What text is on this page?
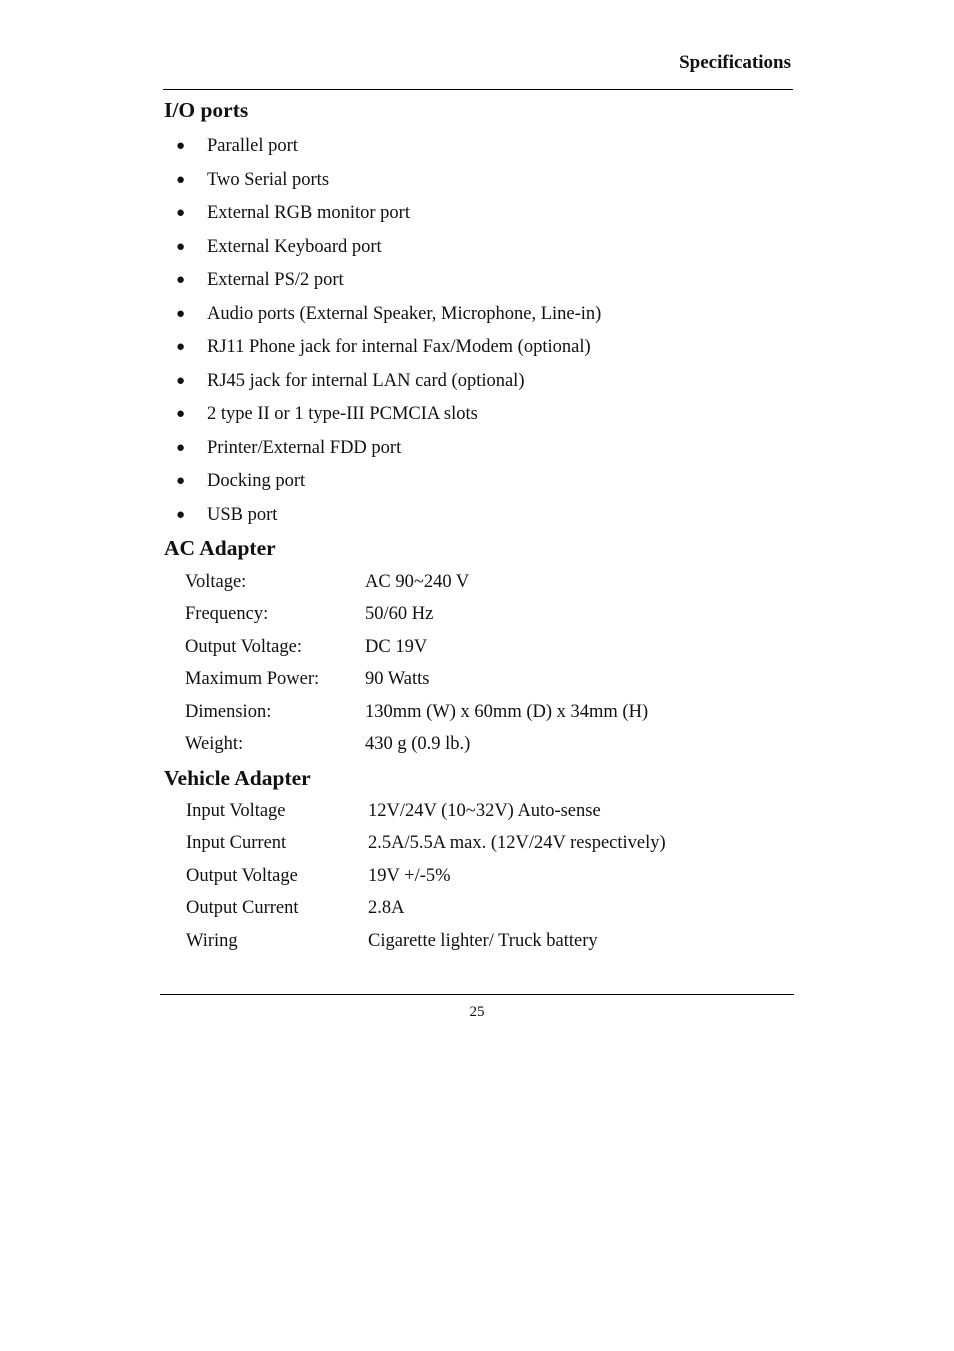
Specifications
I/O ports
● Parallel port
● Two Serial ports
● External RGB monitor port
● External Keyboard port
● External PS/2 port
● Audio ports (External Speaker, Microphone, Line-in)
● RJ11 Phone jack for internal Fax/Modem (optional)
● RJ45 jack for internal LAN card (optional)
● 2 type II or 1 type-III PCMCIA slots
● Printer/External FDD port
● Docking port
● USB port
AC Adapter
Voltage:	AC 90~240 V
Frequency:	50/60 Hz
Output Voltage:	DC 19V
Maximum Power: 90 Watts
Dimension:	130mm (W) x 60mm (D) x 34mm (H)
Weight:	430 g (0.9 lb.)
Vehicle Adapter
Input Voltage	12V/24V (10~32V) Auto-sense
Input Current	2.5A/5.5A max. (12V/24V respectively)
Output Voltage	19V +/-5%
Output Current	2.8A
Wiring	Cigarette lighter/ Truck battery
25
